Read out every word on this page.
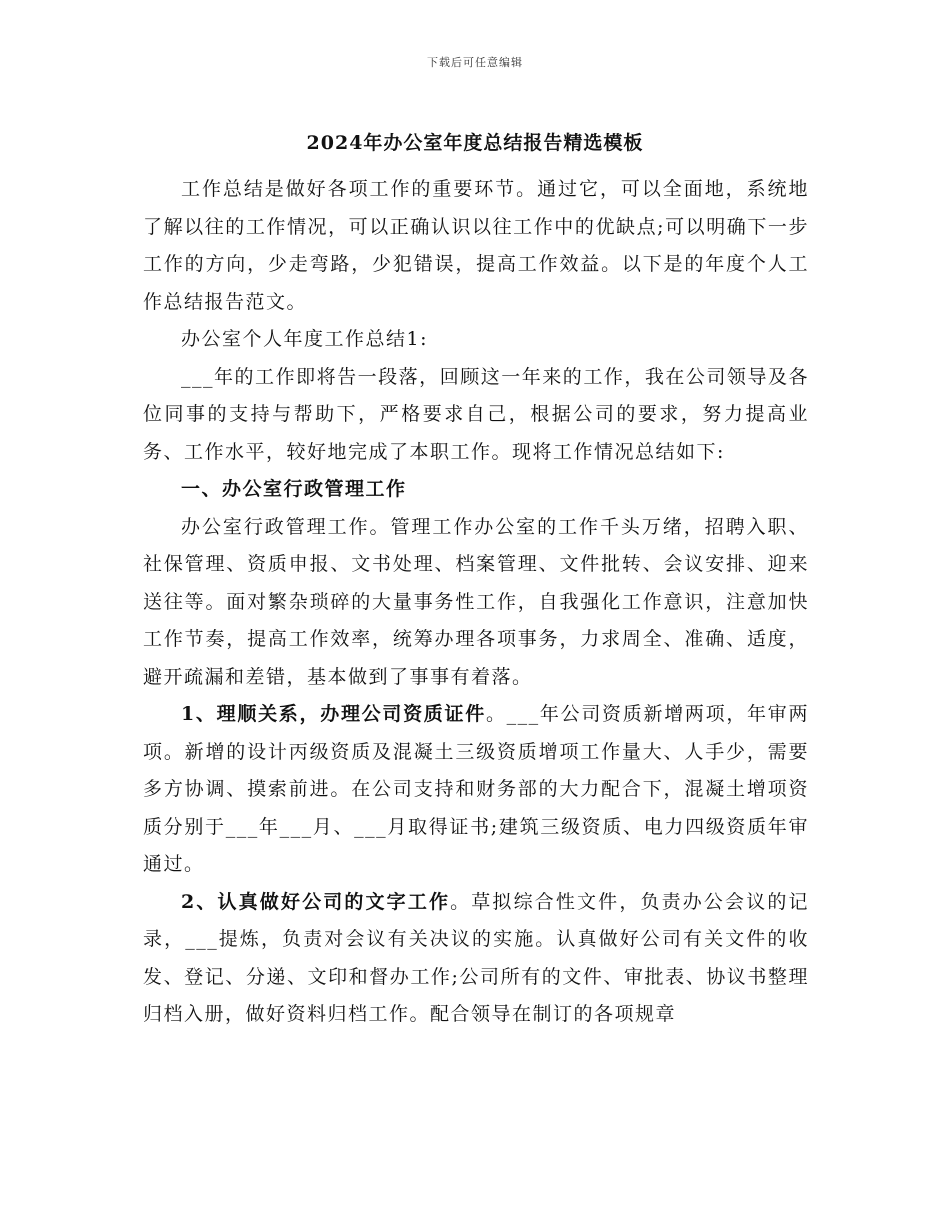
下载后可任意编辑
2024年办公室年度总结报告精选模板

工作总结是做好各项工作的重要环节。通过它，可以全面地，系统地了解以往的工作情况，可以正确认识以往工作中的优缺点;可以明确下一步工作的方向，少走弯路，少犯错误，提高工作效益。以下是的年度个人工作总结报告范文。

办公室个人年度工作总结1:

___年的工作即将告一段落，回顾这一年来的工作，我在公司领导及各位同事的支持与帮助下，严格要求自己，根据公司的要求，努力提高业务、工作水平，较好地完成了本职工作。现将工作情况总结如下:

一、办公室行政管理工作

办公室行政管理工作。管理工作办公室的工作千头万绪，招聘入职、社保管理、资质申报、文书处理、档案管理、文件批转、会议安排、迎来送往等。面对繁杂琐碎的大量事务性工作，自我强化工作意识，注意加快工作节奏，提高工作效率，统筹办理各项事务，力求周全、准确、适度，避开疏漏和差错，基本做到了事事有着落。

1、理顺关系，办理公司资质证件。___年公司资质新增两项，年审两项。新增的设计丙级资质及混凝土三级资质增项工作量大、人手少，需要多方协调、摸索前进。在公司支持和财务部的大力配合下，混凝土增项资质分别于___年___月、___月取得证书;建筑三级资质、电力四级资质年审通过。

2、认真做好公司的文字工作。草拟综合性文件，负责办公会议的记录，___提炼，负责对会议有关决议的实施。认真做好公司有关文件的收发、登记、分递、文印和督办工作;公司所有的文件、审批表、协议书整理归档入册，做好资料归档工作。配合领导在制订的各项规章
